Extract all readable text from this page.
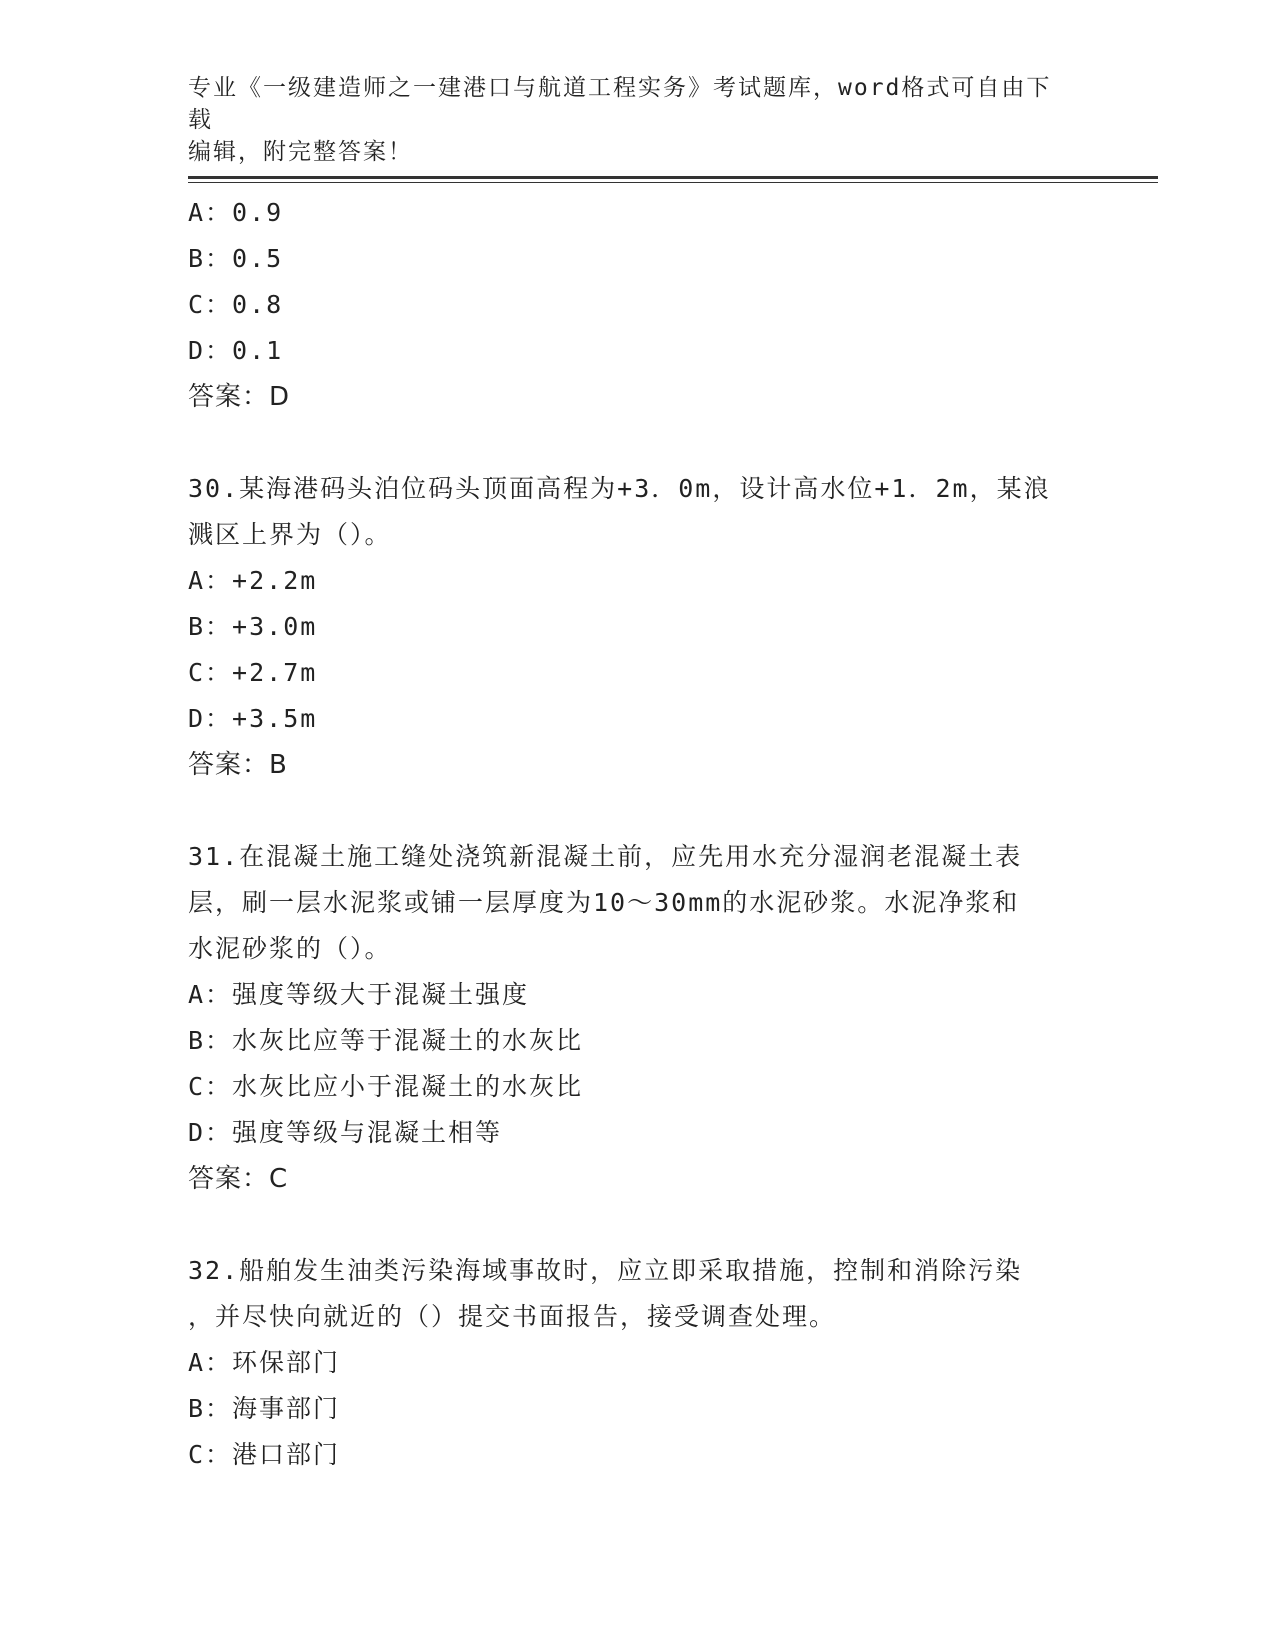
专业《一级建造师之一建港口与航道工程实务》考试题库，word格式可自由下载
编辑，附完整答案！
A：0.9
B：0.5
C：0.8
D：0.1
答案：D
30.某海港码头泊位码头顶面高程为+3．0m，设计高水位+1．2m，某浪
溅区上界为（）。
A：+2.2m
B：+3.0m
C：+2.7m
D：+3.5m
答案：B
31.在混凝土施工缝处浇筑新混凝土前，应先用水充分湿润老混凝土表
层，刷一层水泥浆或铺一层厚度为10～30mm的水泥砂浆。水泥净浆和
水泥砂浆的（）。
A：强度等级大于混凝土强度
B：水灰比应等于混凝土的水灰比
C：水灰比应小于混凝土的水灰比
D：强度等级与混凝土相等
答案：C
32.船舶发生油类污染海域事故时，应立即采取措施，控制和消除污染
，并尽快向就近的（）提交书面报告，接受调查处理。
A：环保部门
B：海事部门
C：港口部门
